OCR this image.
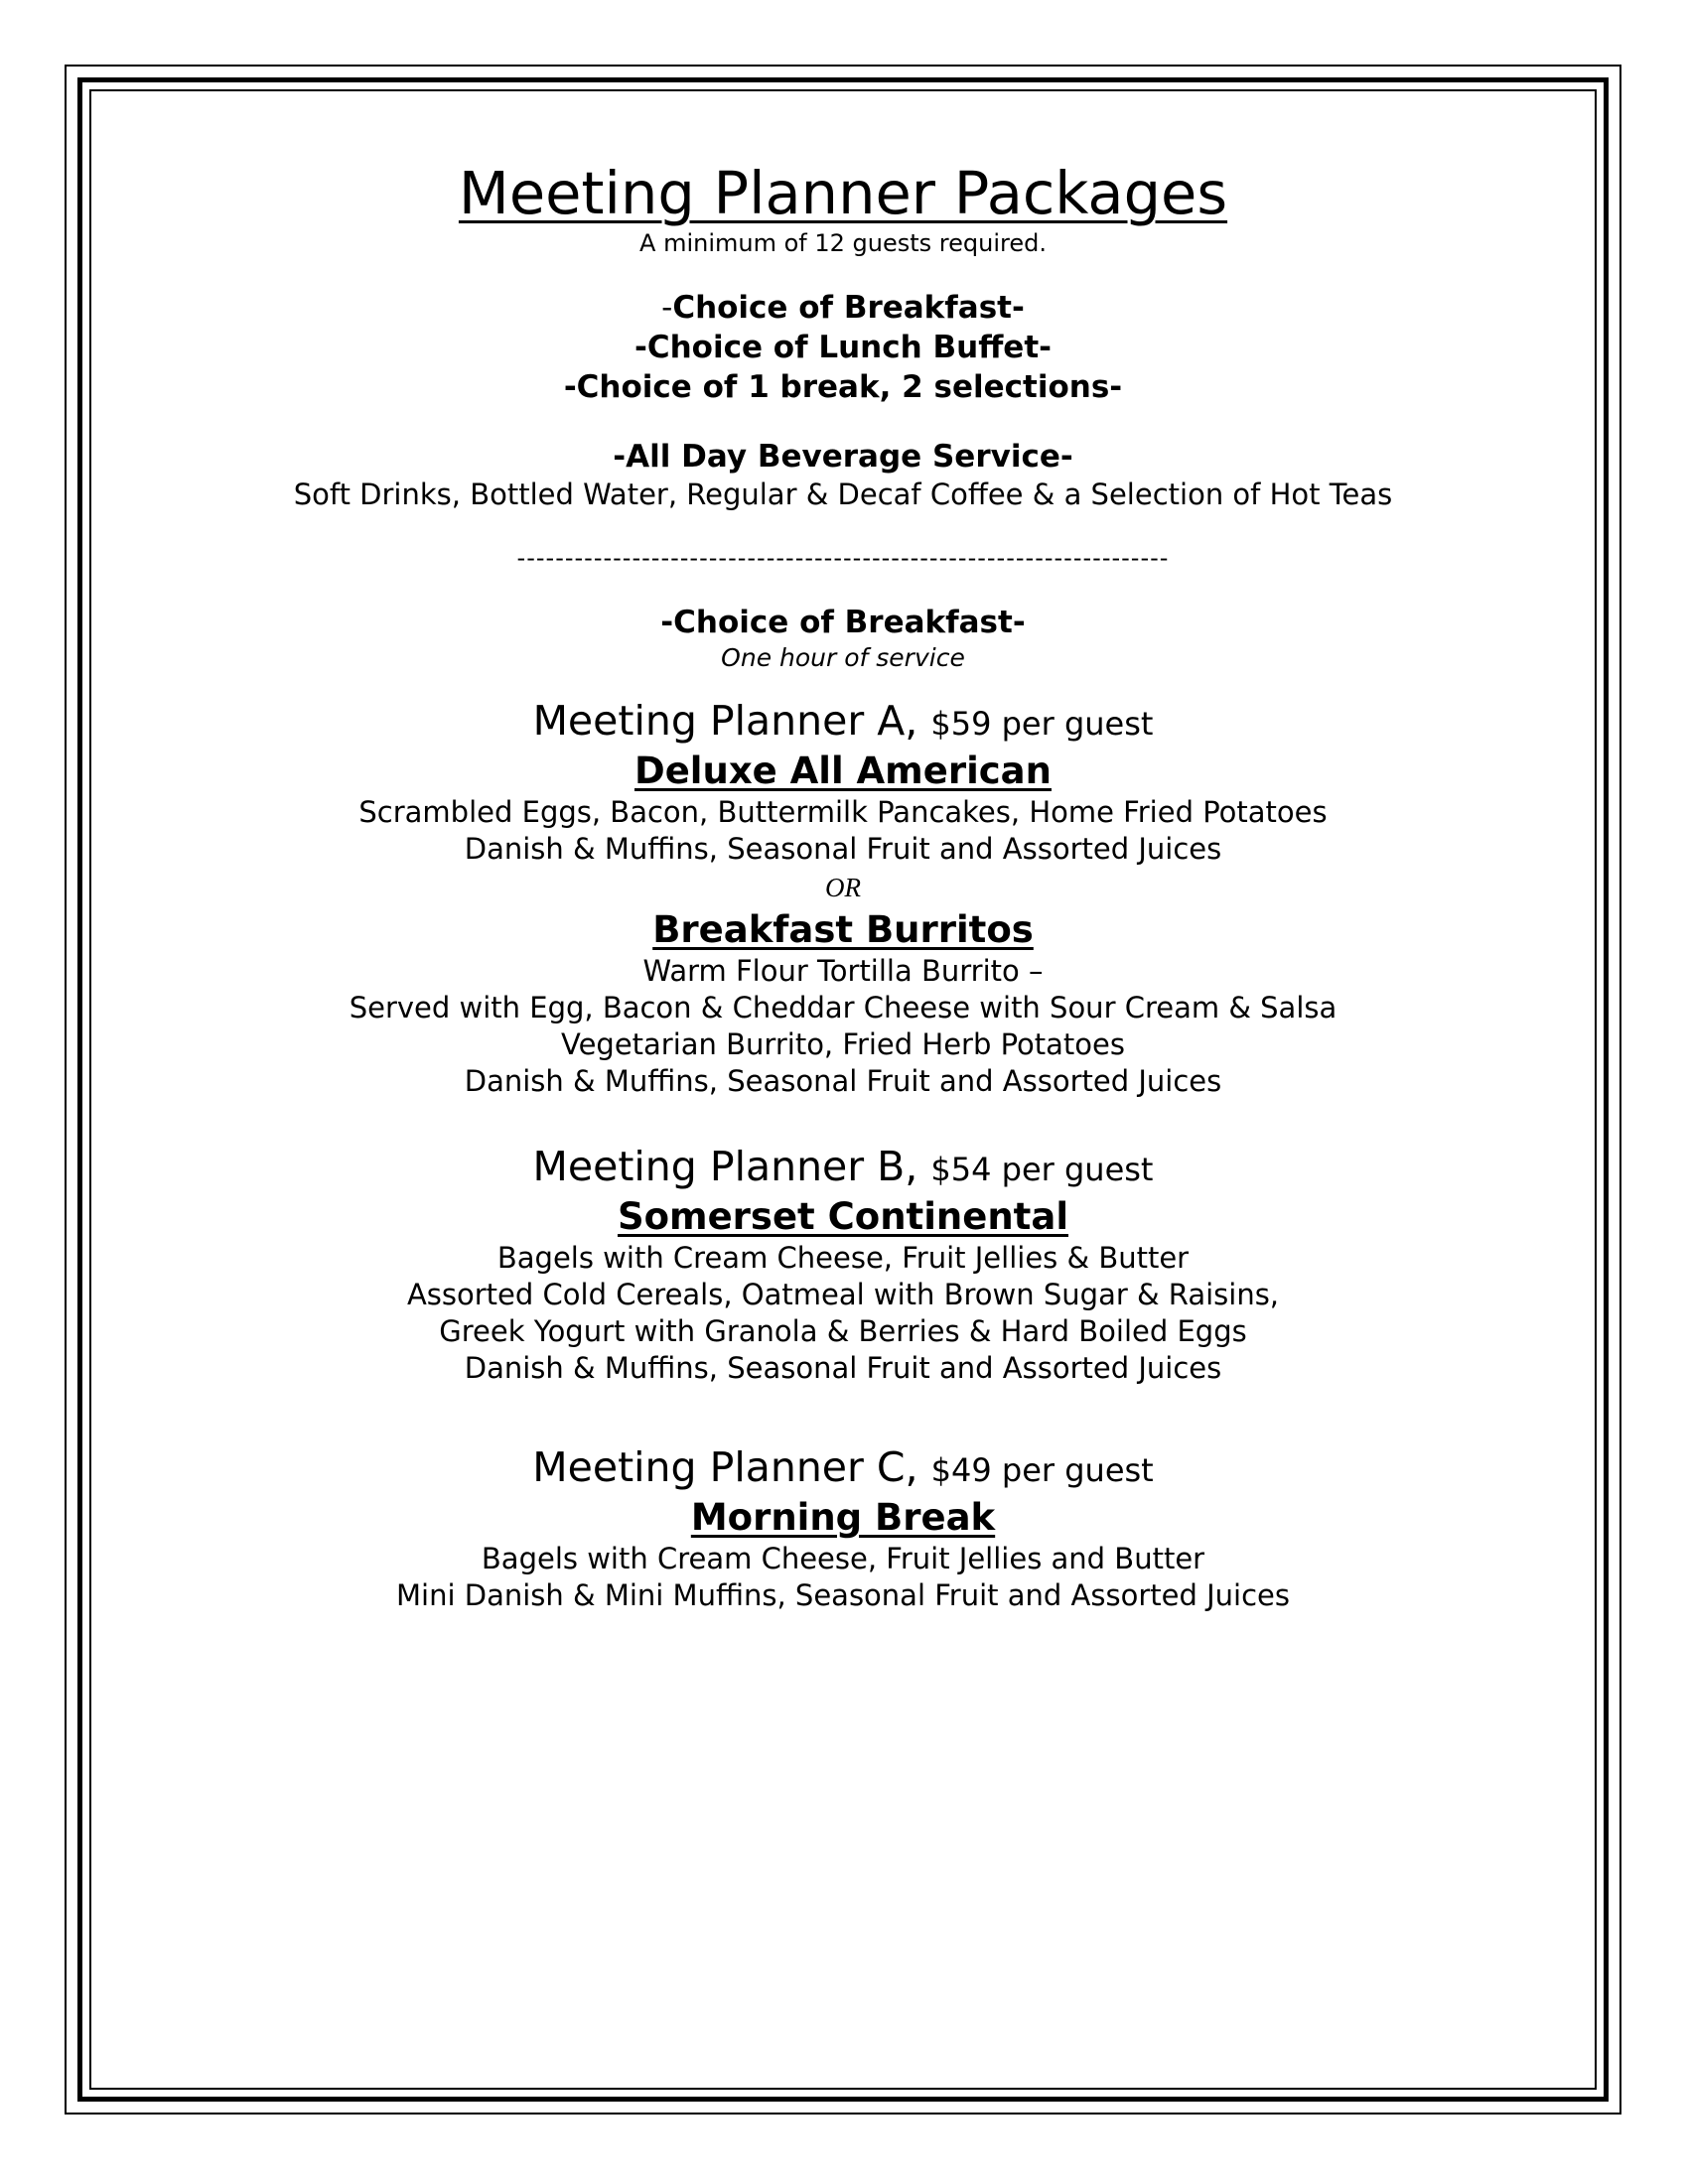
Meeting Planner Packages
A minimum of 12 guests required.
-Choice of Breakfast-
-Choice of Lunch Buffet-
-Choice of 1 break, 2 selections-
-All Day Beverage Service-
Soft Drinks, Bottled Water, Regular & Decaf Coffee & a Selection of Hot Teas
--------------------------------------------------------------------
-Choice of Breakfast-
One hour of service
Meeting Planner A, $59 per guest
Deluxe All American
Scrambled Eggs, Bacon, Buttermilk Pancakes, Home Fried Potatoes
Danish & Muffins, Seasonal Fruit and Assorted Juices
OR
Breakfast Burritos
Warm Flour Tortilla Burrito –
Served with Egg, Bacon & Cheddar Cheese with Sour Cream & Salsa
Vegetarian Burrito, Fried Herb Potatoes
Danish & Muffins, Seasonal Fruit and Assorted Juices
Meeting Planner B, $54 per guest
Somerset Continental
Bagels with Cream Cheese, Fruit Jellies & Butter
Assorted Cold Cereals, Oatmeal with Brown Sugar & Raisins,
Greek Yogurt with Granola & Berries & Hard Boiled Eggs
Danish & Muffins, Seasonal Fruit and Assorted Juices
Meeting Planner C, $49 per guest
Morning Break
Bagels with Cream Cheese, Fruit Jellies and Butter
Mini Danish & Mini Muffins, Seasonal Fruit and Assorted Juices
